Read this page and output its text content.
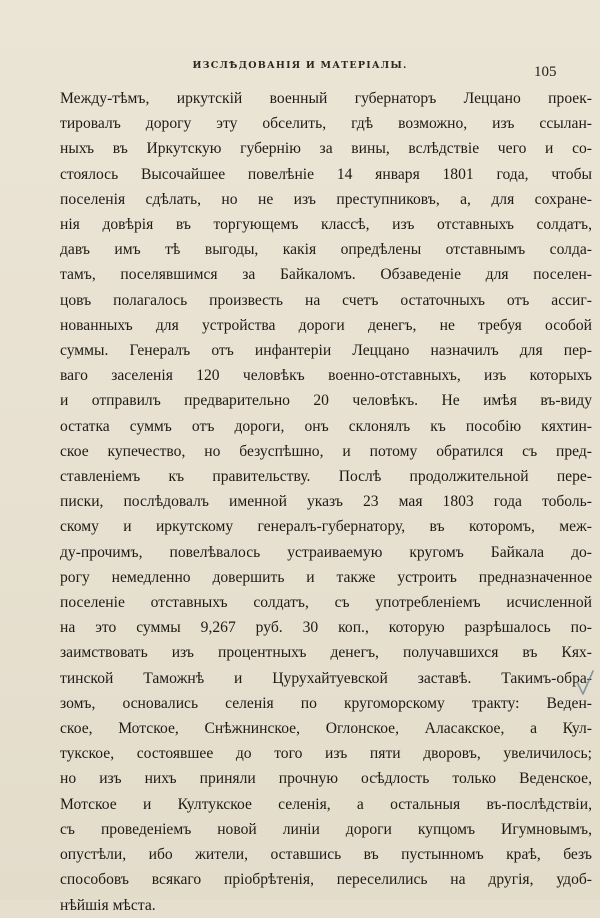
ИЗСЛѢДОВАНІЯ И МАТЕРІАЛЫ.	105
Между-тѣмъ, иркутскій военный губернаторъ Леццано проек-
тировалъ дорогу эту обселить, гдѣ возможно, изъ ссылан-
ныхъ въ Иркутскую губернію за вины, вслѣдствіе чего и со-
стоялось Высочайшее повелѣніе 14 января 1801 года, чтобы
поселенія сдѣлать, но не изъ преступниковъ, а, для сохране-
нія довѣрія въ торгующемъ классѣ, изъ отставныхъ солдатъ,
давъ имъ тѣ выгоды, какія опредѣлены отставнымъ солда-
тамъ, поселявшимся за Байкаломъ. Обзаведеніе для поселен-
цовъ полагалось произвесть на счетъ остаточныхъ отъ ассиг-
нованныхъ для устройства дороги денегъ, не требуя особой
суммы. Генералъ отъ инфантеріи Леццано назначилъ для пер-
ваго заселенія 120 человѣкъ военно-отставныхъ, изъ которыхъ
и отправилъ предварительно 20 человѣкъ. Не имѣя въ-виду
остатка суммъ отъ дороги, онъ склонялъ къ пособію кяхтин-
ское купечество, но безуспѣшно, и потому обратился съ пред-
ставленіемъ къ правительству. Послѣ продолжительной пере-
писки, послѣдовалъ именной указъ 23 мая 1803 года тоболь-
скому и иркутскому генералъ-губернатору, въ которомъ, меж-
ду-прочимъ, повелѣвалось устраиваемую кругомъ Байкала до-
рогу немедленно довершить и также устроить предназначенное
поселеніе отставныхъ солдатъ, съ употребленіемъ исчисленной
на это суммы 9,267 руб. 30 коп., которую разрѣшалось по-
заимствовать изъ процентныхъ денегъ, получавшихся въ Кях-
тинской Таможнѣ и Цурухайтуевской заставѣ. Такимъ-обра-
зомъ, основались селенія по кругоморскому тракту: Веден-
ское, Мотское, Снѣжнинское, Оглонское, Аласакское, а Кул-
тукское, состоявшее до того изъ пяти дворовъ, увеличилось;
но изъ нихъ приняли прочную осѣдлость только Веденское,
Мотское и Култукское селенія, а остальныя въ-послѣдствіи,
съ проведеніемъ новой линіи дороги купцомъ Игумновымъ,
опустѣли, ибо жители, оставшись въ пустынномъ краѣ, безъ
способовъ всякаго пріобрѣтенія, переселились на другія, удоб-
нѣйшія мѣста.
